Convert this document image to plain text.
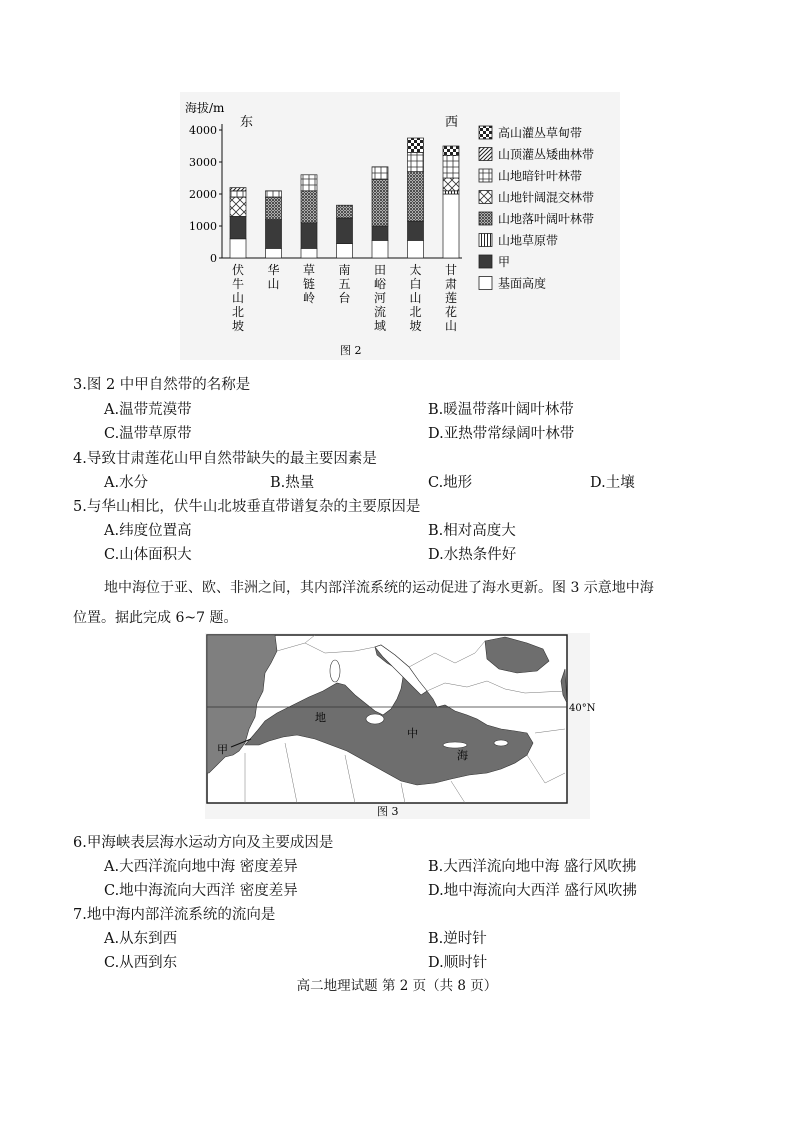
4000
3000
2000
1000
0
伏
牛
山
北
坡
华
山
草
链
岭
南
五
台
田
峪
河
流
域
太
白
山
北
坡
甘
肃
莲
花
山
海拔/m
东	西
高山灌丛草甸带
山顶灌丛矮曲林带
山地暗针叶林带
山地针阔混交林带
山地落叶阔叶林带
山地草原带
甲
基面高度
图 2
3.图 2 中甲自然带的名称是
A.温带荒漠带	B.暖温带落叶阔叶林带
C.温带草原带	D.亚热带常绿阔叶林带
4.导致甘肃莲花山甲自然带缺失的最主要因素是
A.水分	B.热量	C.地形	D.土壤
5.与华山相比，伏牛山北坡垂直带谱复杂的主要原因是
A.纬度位置高	B.相对高度大
C.山体面积大	D.水热条件好
地中海位于亚、欧、非洲之间，其内部洋流系统的运动促进了海水更新。图 3 示意地中海
位置。据此完成 6~7 题。
40°N
甲
地
中
海
图 3
6.甲海峡表层海水运动方向及主要成因是
A.大西洋流向地中海 密度差异	B.大西洋流向地中海 盛行风吹拂
C.地中海流向大西洋 密度差异	D.地中海流向大西洋 盛行风吹拂
7.地中海内部洋流系统的流向是
A.从东到西	B.逆时针
C.从西到东	D.顺时针
高二地理试题 第 2 页（共 8 页）
